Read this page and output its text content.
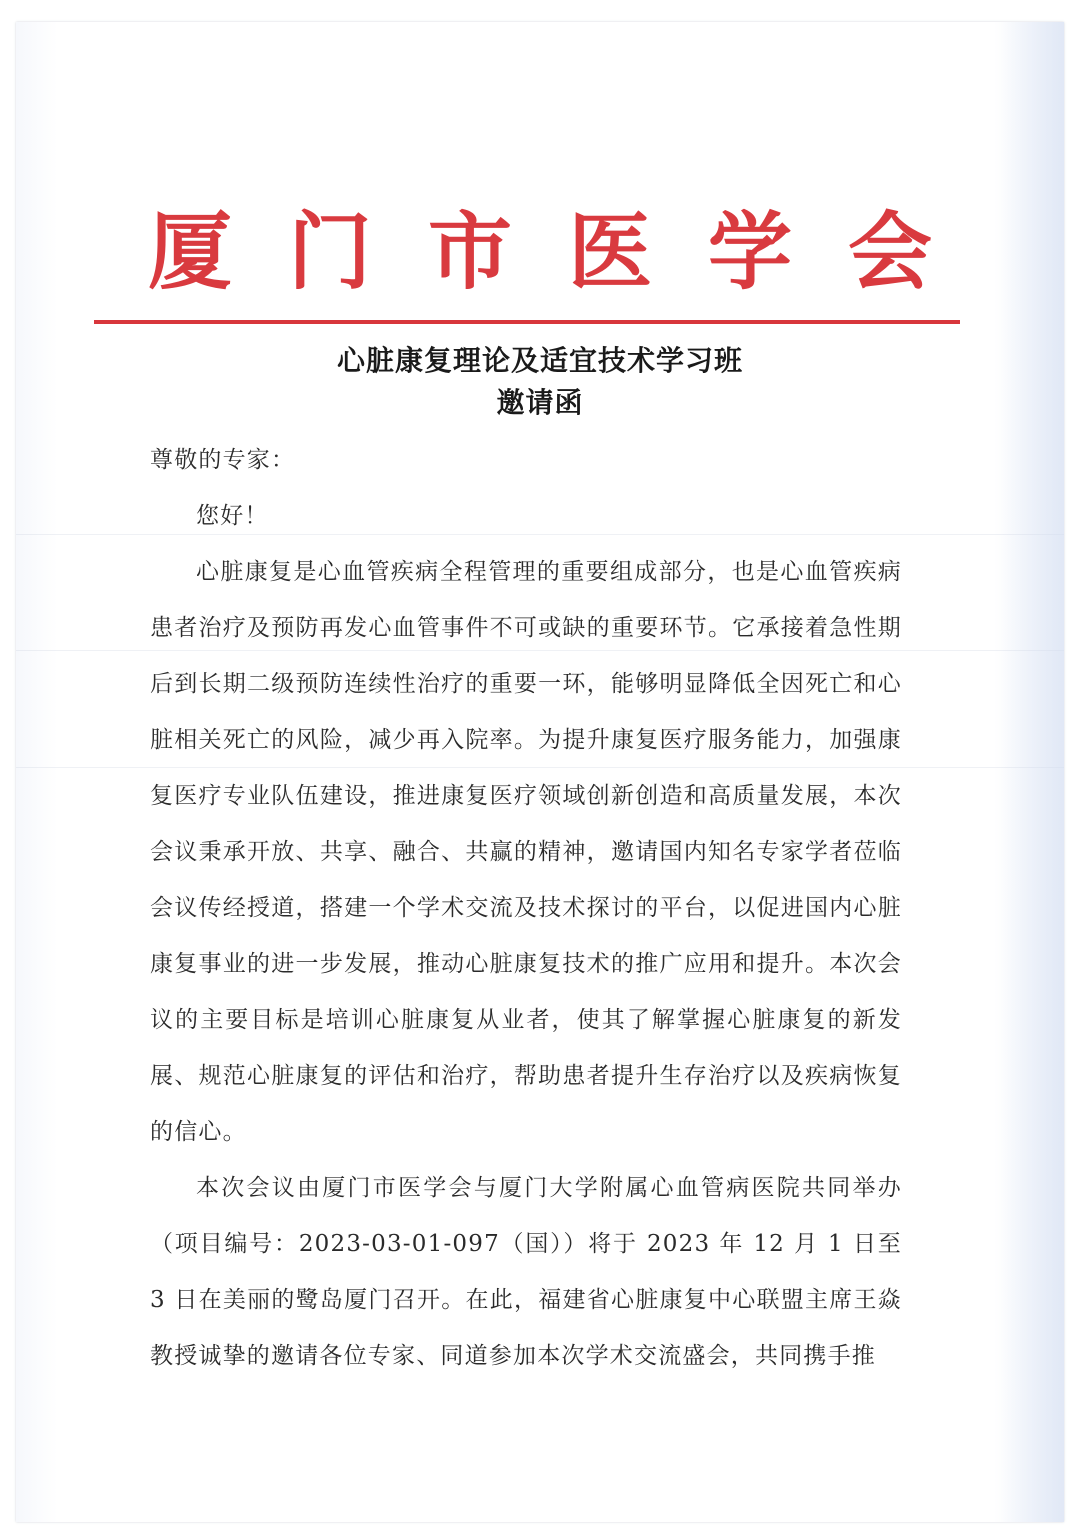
厦门市医学会
心脏康复理论及适宜技术学习班
邀请函

尊敬的专家：

您好！

心脏康复是心血管疾病全程管理的重要组成部分，也是心血管疾病患者治疗及预防再发心血管事件不可或缺的重要环节。它承接着急性期后到长期二级预防连续性治疗的重要一环，能够明显降低全因死亡和心脏相关死亡的风险，减少再入院率。为提升康复医疗服务能力，加强康复医疗专业队伍建设，推进康复医疗领域创新创造和高质量发展，本次会议秉承开放、共享、融合、共赢的精神，邀请国内知名专家学者莅临会议传经授道，搭建一个学术交流及技术探讨的平台，以促进国内心脏康复事业的进一步发展，推动心脏康复技术的推广应用和提升。本次会议的主要目标是培训心脏康复从业者，使其了解掌握心脏康复的新发展、规范心脏康复的评估和治疗，帮助患者提升生存治疗以及疾病恢复的信心。

本次会议由厦门市医学会与厦门大学附属心血管病医院共同举办（项目编号：2023-03-01-097（国））将于 2023 年 12 月 1 日至 3 日在美丽的鹭岛厦门召开。在此，福建省心脏康复中心联盟主席王焱教授诚挚的邀请各位专家、同道参加本次学术交流盛会，共同携手推
